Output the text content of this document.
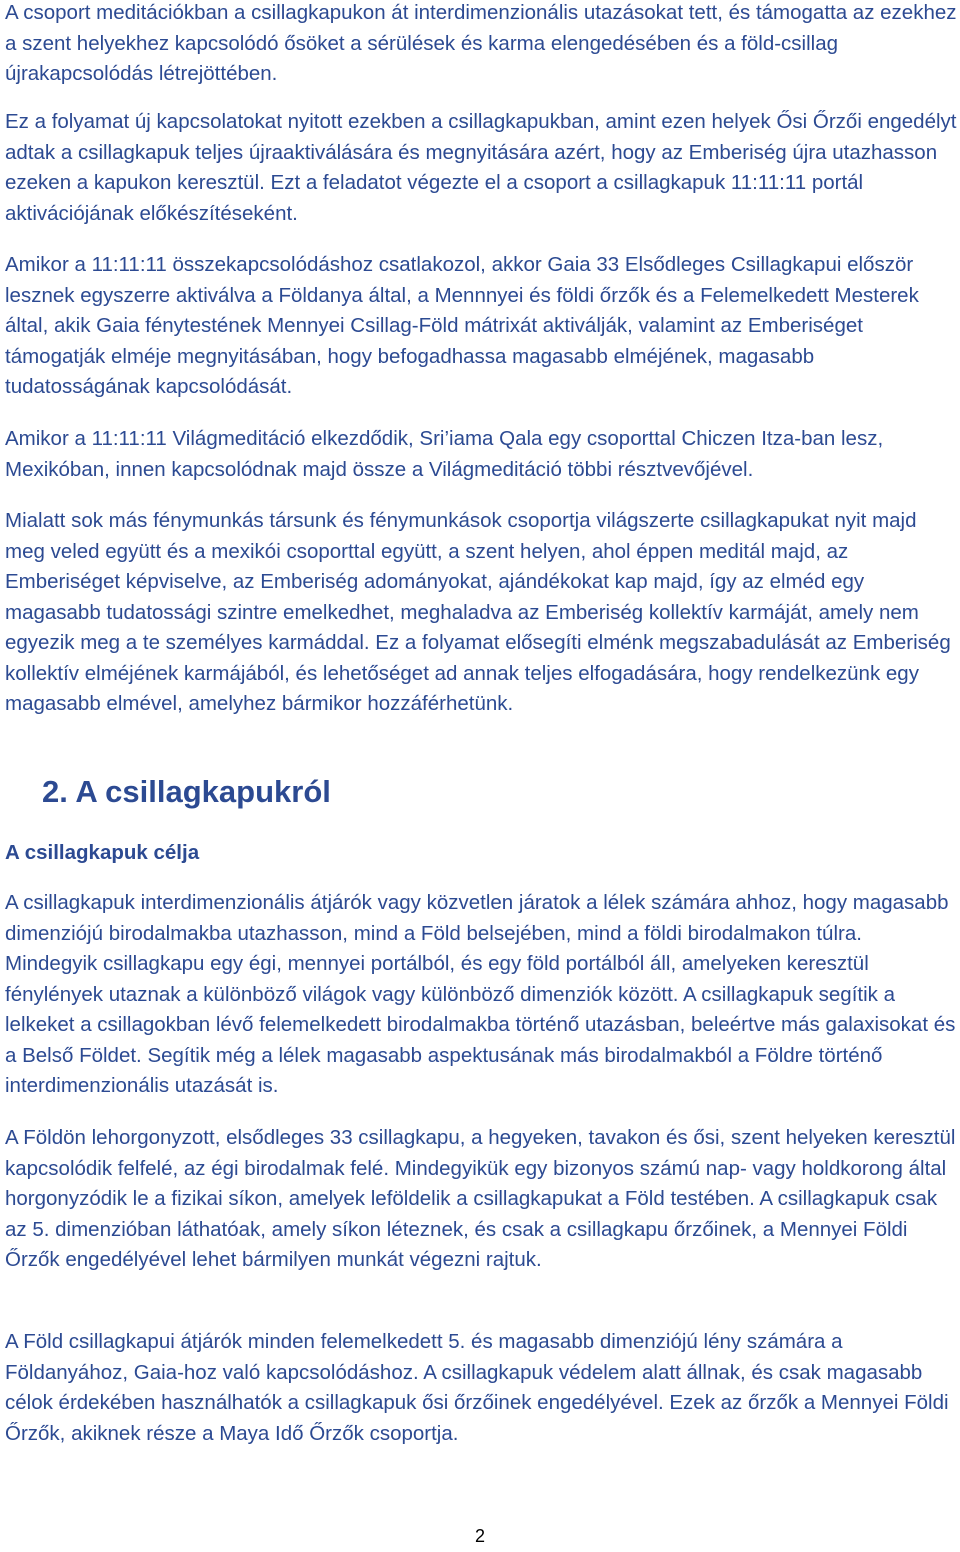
A csoport meditációkban a csillagkapukon át interdimenzionális utazásokat tett, és támogatta az ezekhez a szent helyekhez kapcsolódó ősöket a sérülések és karma elengedésében és a föld-csillag újrakapcsolódás létrejöttében.

Ez a folyamat új kapcsolatokat nyitott ezekben a csillagkapukban, amint ezen helyek Ősi Őrzői engedélyt adtak a csillagkapuk teljes újraaktiválására és megnyitására azért, hogy az Emberiség újra utazhasson ezeken a kapukon keresztül. Ezt a feladatot végezte el a csoport a csillagkapuk 11:11:11 portál aktivációjának előkészítéseként.

Amikor a 11:11:11 összekapcsolódáshoz csatlakozol, akkor Gaia 33 Elsődleges Csillagkapui először lesznek egyszerre aktiválva a Földanya által, a Mennnyei és földi őrzők és a Felemelkedett Mesterek által, akik Gaia fénytestének Mennyei Csillag-Föld mátrixát aktiválják, valamint az Emberiséget támogatják elméje megnyitásában, hogy befogadhassa magasabb elméjének, magasabb tudatosságának kapcsolódását.

Amikor a 11:11:11 Világmeditáció elkezdődik, Sri’iama Qala egy csoporttal Chiczen Itza-ban lesz, Mexikóban, innen kapcsolódnak majd össze a Világmeditáció többi résztvevőjével.

Mialatt sok más fénymunkás társunk és fénymunkások csoportja világszerte csillagkapukat nyit majd meg veled együtt és a mexikói csoporttal együtt, a szent helyen, ahol éppen meditál majd, az Emberiséget képviselve, az Emberiség adományokat, ajándékokat kap majd, így az elméd egy magasabb tudatossági szintre emelkedhet, meghaladva az Emberiség kollektív karmáját, amely nem egyezik meg a te személyes karmáddal. Ez a folyamat elősegíti elménk megszabadulását az Emberiség kollektív elméjének karmájából, és lehetőséget ad annak teljes elfogadására, hogy rendelkezünk egy magasabb elmével, amelyhez bármikor hozzáférhetünk.

2. A csillagkapukról
A csillagkapuk célja

A csillagkapuk interdimenzionális átjárók vagy közvetlen járatok a lélek számára ahhoz, hogy magasabb dimenziójú birodalmakba utazhasson, mind a Föld belsejében, mind a földi birodalmakon túlra. Mindegyik csillagkapu egy égi, mennyei portálból, és egy föld portálból áll, amelyeken keresztül fénylények utaznak a különböző világok vagy különböző dimenziók között. A csillagkapuk segítik a lelkeket a csillagokban lévő felemelkedett birodalmakba történő utazásban, beleértve más galaxisokat és a Belső Földet. Segítik még a lélek magasabb aspektusának más birodalmakból a Földre történő interdimenzionális utazását is.

A Földön lehorgonyzott, elsődleges 33 csillagkapu, a hegyeken, tavakon és ősi, szent helyeken keresztül kapcsolódik felfelé, az égi birodalmak felé. Mindegyikük egy bizonyos számú nap- vagy holdkorong által horgonyzódik le a fizikai síkon, amelyek leföldelik a csillagkapukat a Föld testében. A csillagkapuk csak az 5. dimenzióban láthatóak, amely síkon léteznek, és csak a csillagkapu őrzőinek, a Mennyei Földi Őrzők engedélyével lehet bármilyen munkát végezni rajtuk.

A Föld csillagkapui átjárók minden felemelkedett 5. és magasabb dimenziójú lény számára a Földanyához, Gaia-hoz való kapcsolódáshoz. A csillagkapuk védelem alatt állnak, és csak magasabb célok érdekében használhatók a csillagkapuk ősi őrzőinek engedélyével. Ezek az őrzők a Mennyei Földi Őrzők, akiknek része a Maya Idő Őrzők csoportja.

2
